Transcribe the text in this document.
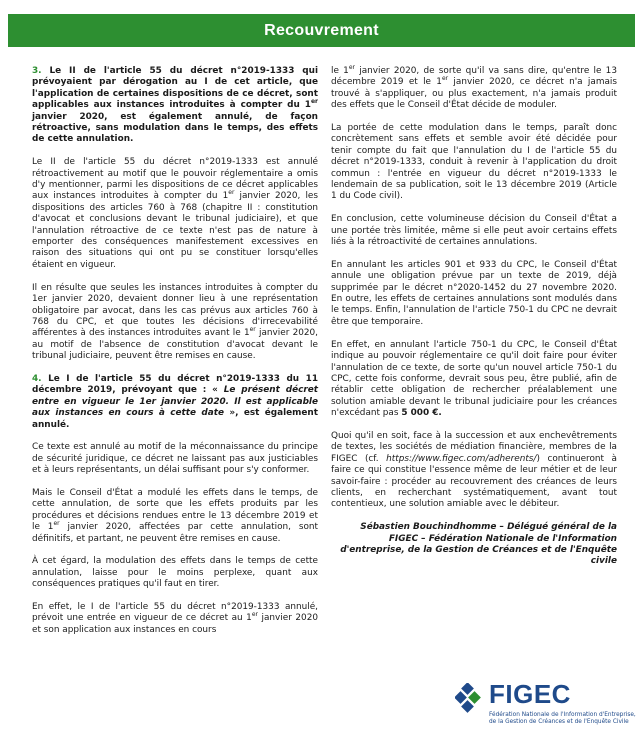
Recouvrement

3. Le II de l'article 55 du décret n°2019-1333 qui prévoyaient par dérogation au I de cet article, que l'application de certaines dispositions de ce décret, sont applicables aux instances introduites à compter du 1er janvier 2020, est également annulé, de façon rétroactive, sans modulation dans le temps, des effets de cette annulation.

Le II de l'article 55 du décret n°2019-1333 est annulé rétroactivement au motif que le pouvoir réglementaire a omis d'y mentionner, parmi les dispositions de ce décret applicables aux instances introduites à compter du 1er janvier 2020, les dispositions des articles 760 à 768 (chapitre II : constitution d'avocat et conclusions devant le tribunal judiciaire), et que l'annulation rétroactive de ce texte n'est pas de nature à emporter des conséquences manifestement excessives en raison des situations qui ont pu se constituer lorsqu'elles étaient en vigueur.

Il en résulte que seules les instances introduites à compter du 1er janvier 2020, devaient donner lieu à une représentation obligatoire par avocat, dans les cas prévus aux articles 760 à 768 du CPC, et que toutes les décisions d'irrecevabilité afférentes à des instances introduites avant le 1er janvier 2020, au motif de l'absence de constitution d'avocat devant le tribunal judiciaire, peuvent être remises en cause.

4. Le I de l'article 55 du décret n°2019-1333 du 11 décembre 2019, prévoyant que : « Le présent décret entre en vigueur le 1er janvier 2020. Il est applicable aux instances en cours à cette date », est également annulé.

Ce texte est annulé au motif de la méconnaissance du principe de sécurité juridique, ce décret ne laissant pas aux justiciables et à leurs représentants, un délai suffisant pour s'y conformer.

Mais le Conseil d'État a modulé les effets dans le temps, de cette annulation, de sorte que les effets produits par les procédures et décisions rendues entre le 13 décembre 2019 et le 1er janvier 2020, affectées par cette annulation, sont définitifs, et partant, ne peuvent être remises en cause.

À cet égard, la modulation des effets dans le temps de cette annulation, laisse pour le moins perplexe, quant aux conséquences pratiques qu'il faut en tirer.

En effet, le I de l'article 55 du décret n°2019-1333 annulé, prévoit une entrée en vigueur de ce décret au 1er janvier 2020 et son application aux instances en cours

le 1er janvier 2020, de sorte qu'il va sans dire, qu'entre le 13 décembre 2019 et le 1er janvier 2020, ce décret n'a jamais trouvé à s'appliquer, ou plus exactement, n'a jamais produit des effets que le Conseil d'État décide de moduler.

La portée de cette modulation dans le temps, paraît donc concrètement sans effets et semble avoir été décidée pour tenir compte du fait que l'annulation du I de l'article 55 du décret n°2019-1333, conduit à revenir à l'application du droit commun : l'entrée en vigueur du décret n°2019-1333 le lendemain de sa publication, soit le 13 décembre 2019 (Article 1 du Code civil).

En conclusion, cette volumineuse décision du Conseil d'État a une portée très limitée, même si elle peut avoir certains effets liés à la rétroactivité de certaines annulations.

En annulant les articles 901 et 933 du CPC, le Conseil d'État annule une obligation prévue par un texte de 2019, déjà supprimée par le décret n°2020-1452 du 27 novembre 2020. En outre, les effets de certaines annulations sont modulés dans le temps. Enfin, l'annulation de l'article 750-1 du CPC ne devrait être que temporaire.

En effet, en annulant l'article 750-1 du CPC, le Conseil d'État indique au pouvoir réglementaire ce qu'il doit faire pour éviter l'annulation de ce texte, de sorte qu'un nouvel article 750-1 du CPC, cette fois conforme, devrait sous peu, être publié, afin de rétablir cette obligation de rechercher préalablement une solution amiable devant le tribunal judiciaire pour les créances n'excédant pas 5 000 €.

Quoi qu'il en soit, face à la succession et aux enchevêtrements de textes, les sociétés de médiation financière, membres de la FIGEC (cf. https://www.figec.com/adherents/) continueront à faire ce qui constitue l'essence même de leur métier et de leur savoir-faire : procéder au recouvrement des créances de leurs clients, en recherchant systématiquement, avant tout contentieux, une solution amiable avec le débiteur.

Sébastien Bouchindhomme – Délégué général de la FIGEC – Fédération Nationale de l'Information d'entreprise, de la Gestion de Créances et de l'Enquête civile

FIGEC
Fédération Nationale de l'Information d'Entreprise, de la Gestion de Créances et de l'Enquête Civile
